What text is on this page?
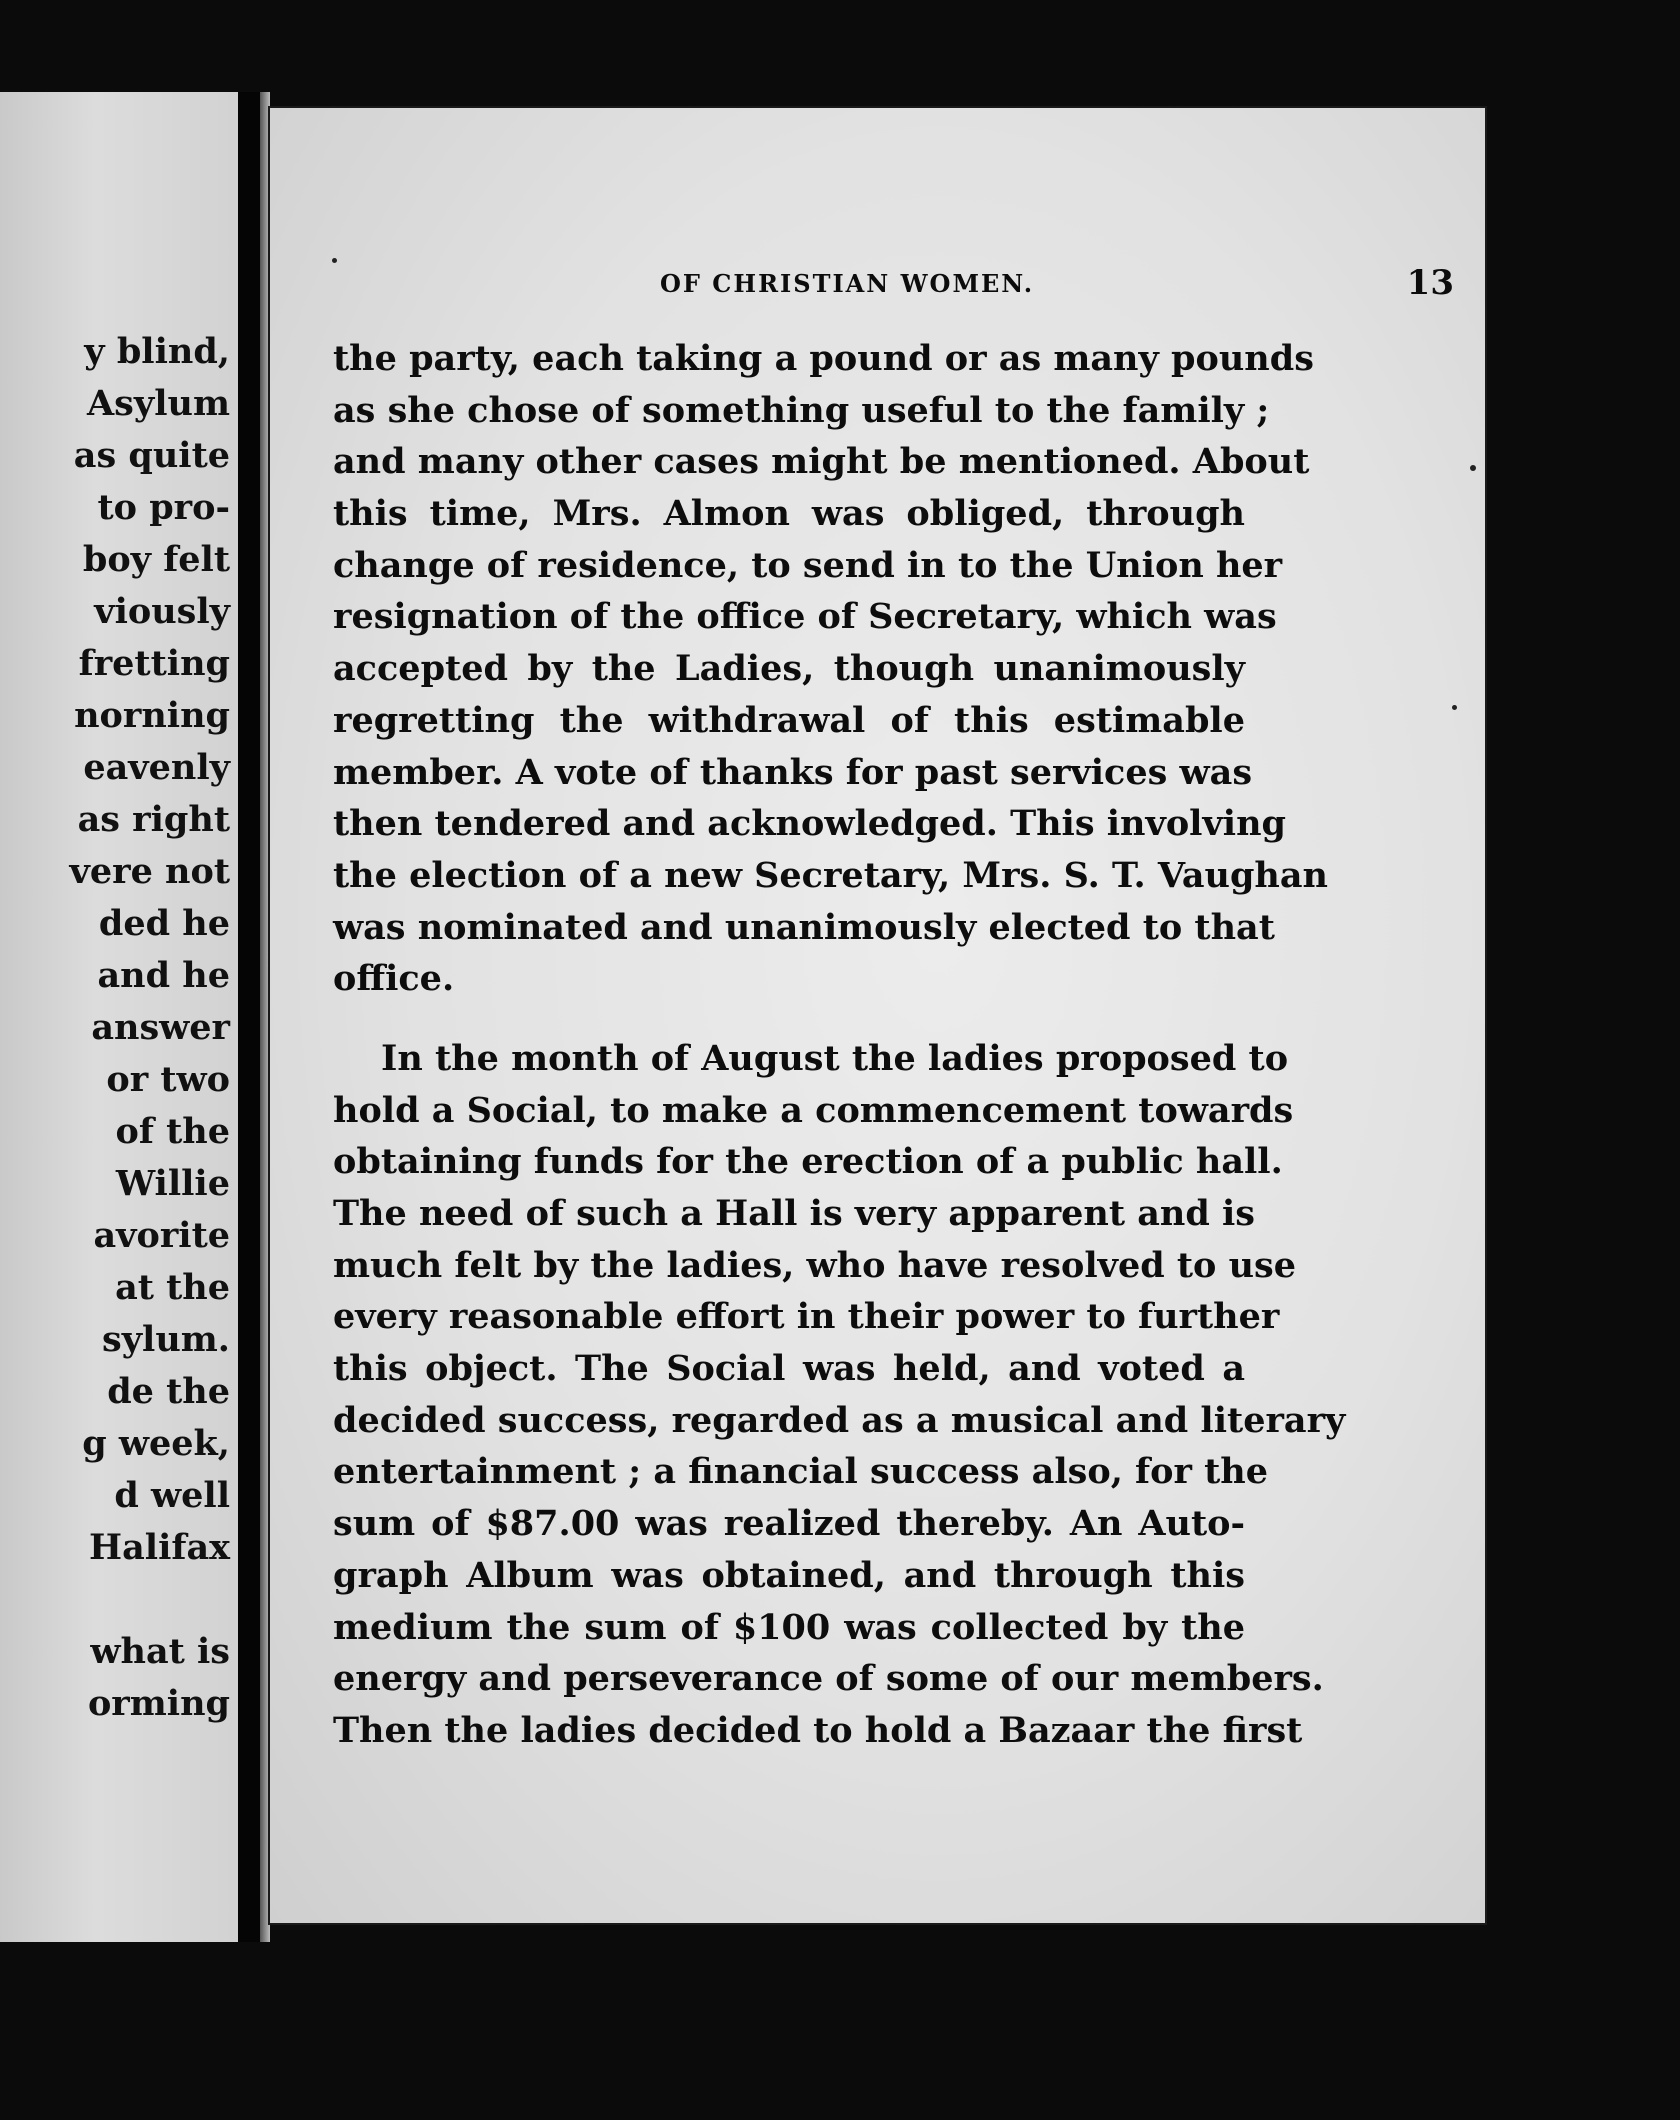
y blind,
Asylum
as quite
to pro-
boy felt
viously
fretting
norning
eavenly
as right
vere not
ded he
and he
answer
or two
of the
Willie
avorite
at the
sylum.
de the
g week,
d well
Halifax
what is
orming
OF CHRISTIAN WOMEN.	13
the party, each taking a pound or as many pounds
as she chose of something useful to the family ;
and many other cases might be mentioned. About
this time, Mrs. Almon was obliged, through
change of residence, to send in to the Union her
resignation of the office of Secretary, which was
accepted by the Ladies, though unanimously
regretting the withdrawal of this estimable
member. A vote of thanks for past services was
then tendered and acknowledged. This involving
the election of a new Secretary, Mrs. S. T. Vaughan
was nominated and unanimously elected to that
office.
In the month of August the ladies proposed to
hold a Social, to make a commencement towards
obtaining funds for the erection of a public hall.
The need of such a Hall is very apparent and is
much felt by the ladies, who have resolved to use
every reasonable effort in their power to further
this object. The Social was held, and voted a
decided success, regarded as a musical and literary
entertainment ; a financial success also, for the
sum of $87.00 was realized thereby. An Auto-
graph Album was obtained, and through this
medium the sum of $100 was collected by the
energy and perseverance of some of our members.
Then the ladies decided to hold a Bazaar the first
